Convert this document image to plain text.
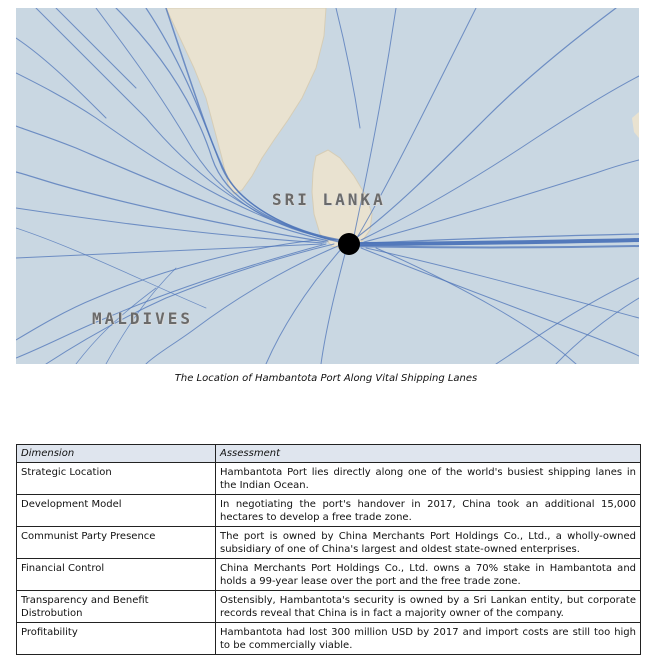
SRI LANKA
MALDIVES
The Location of Hambantota Port Along Vital Shipping Lanes
Dimension	Assessment
Strategic Location	Hambantota Port lies directly along one of the world's busiest shipping lanes in the Indian Ocean.
Development Model	In negotiating the port's handover in 2017, China took an additional 15,000 hectares to develop a free trade zone.
Communist Party Presence	The port is owned by China Merchants Port Holdings Co., Ltd., a wholly-owned subsidiary of one of China's largest and oldest state-owned enterprises.
Financial Control	China Merchants Port Holdings Co., Ltd. owns a 70% stake in Hambantota and holds a 99-year lease over the port and the free trade zone.
Transparency and Benefit Distrobution	Ostensibly, Hambantota's security is owned by a Sri Lankan entity, but corporate records reveal that China is in fact a majority owner of the company.
Profitability	Hambantota had lost 300 million USD by 2017 and import costs are still too high to be commercially viable.
